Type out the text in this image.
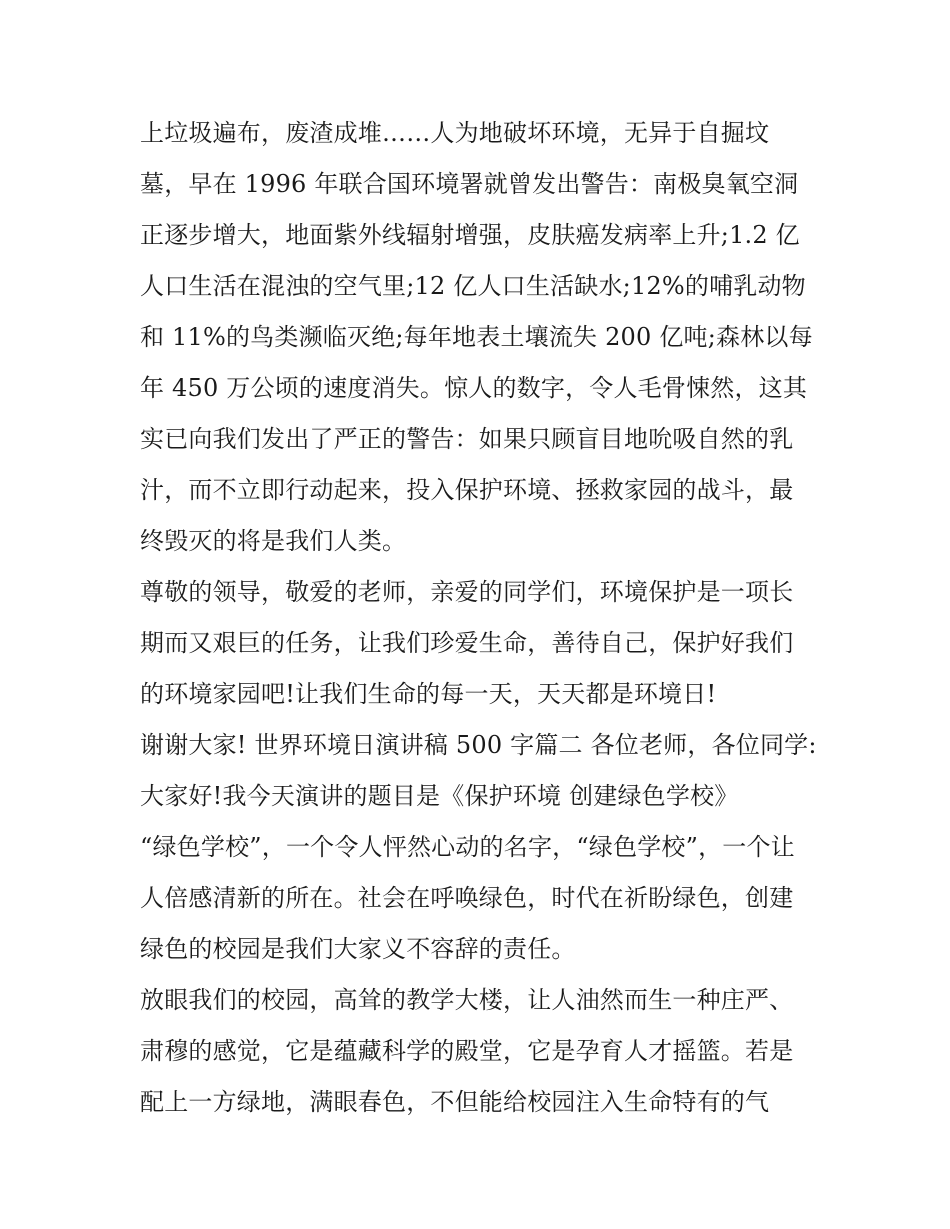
上垃圾遍布，废渣成堆……人为地破坏环境，无异于自掘坟
墓，早在 1996 年联合国环境署就曾发出警告：南极臭氧空洞
正逐步增大，地面紫外线辐射增强，皮肤癌发病率上升;1.2 亿
人口生活在混浊的空气里;12 亿人口生活缺水;12%的哺乳动物
和 11%的鸟类濒临灭绝;每年地表土壤流失 200 亿吨;森林以每
年 450 万公顷的速度消失。惊人的数字，令人毛骨悚然，这其
实已向我们发出了严正的警告：如果只顾盲目地吮吸自然的乳
汁，而不立即行动起来，投入保护环境、拯救家园的战斗，最
终毁灭的将是我们人类。
尊敬的领导，敬爱的老师，亲爱的同学们，环境保护是一项长
期而又艰巨的任务，让我们珍爱生命，善待自己，保护好我们
的环境家园吧!让我们生命的每一天，天天都是环境日!
谢谢大家! 世界环境日演讲稿 500 字篇二 各位老师，各位同学:
大家好!我今天演讲的题目是《保护环境 创建绿色学校》
“绿色学校”，一个令人怦然心动的名字，“绿色学校”，一个让
人倍感清新的所在。社会在呼唤绿色，时代在祈盼绿色，创建
绿色的校园是我们大家义不容辞的责任。
放眼我们的校园，高耸的教学大楼，让人油然而生一种庄严、
肃穆的感觉，它是蕴藏科学的殿堂，它是孕育人才摇篮。若是
配上一方绿地，满眼春色，不但能给校园注入生命特有的气
